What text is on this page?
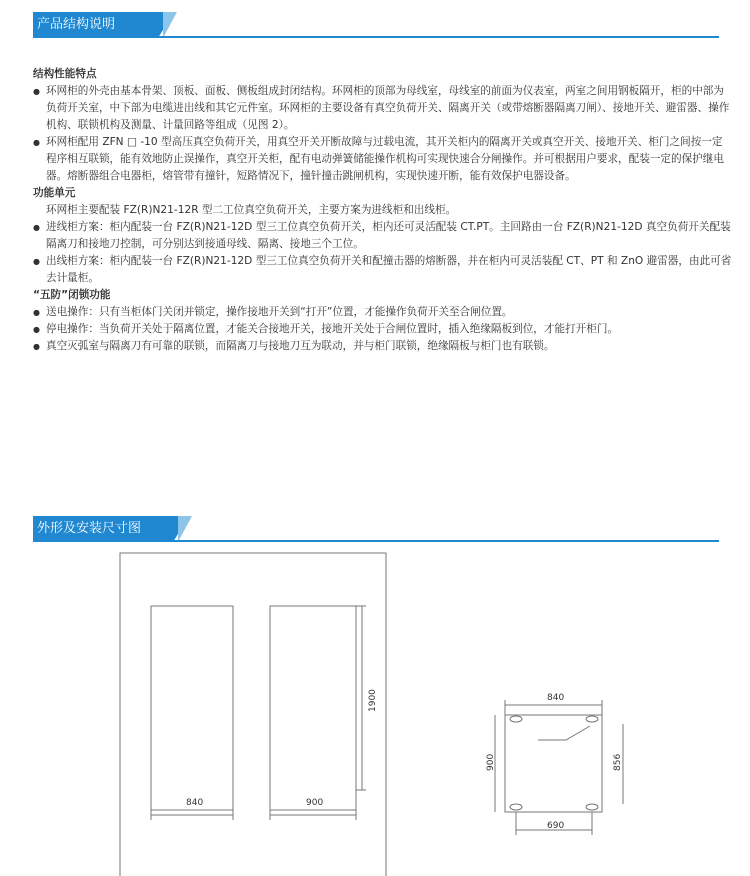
产品结构说明
结构性能特点
● 环网柜的外壳由基本骨架、顶板、面板、侧板组成封闭结构。环网柜的顶部为母线室，母线室的前面为仪表室，两室之间用钢板隔开，柜的中部为负荷开关室，中下部为电缆进出线和其它元件室。环网柜的主要设备有真空负荷开关、隔离开关（或带熔断器隔离刀闸）、接地开关、避雷器、操作机构、联锁机构及测量、计量回路等组成（见图 2）。
● 环网柜配用 ZFN □ -10 型高压真空负荷开关，用真空开关开断故障与过载电流，其开关柜内的隔离开关或真空开关、接地开关、柜门之间按一定程序相互联锁，能有效地防止误操作，真空开关柜，配有电动弹簧储能操作机构可实现快速合分闸操作。并可根据用户要求，配装一定的保护继电器。熔断器组合电器柜，熔管带有撞针，短路情况下，撞针撞击跳闸机构，实现快速开断，能有效保护电器设备。
功能单元
环网柜主要配装 FZ(R)N21-12R 型二工位真空负荷开关，主要方案为进线柜和出线柜。
● 进线柜方案：柜内配装一台 FZ(R)N21-12D 型三工位真空负荷开关，柜内还可灵活配装 CT.PT。主回路由一台 FZ(R)N21-12D 真空负荷开关配装隔离刀和接地刀控制，可分别达到接通母线、隔离、接地三个工位。
● 出线柜方案：柜内配装一台 FZ(R)N21-12D 型三工位真空负荷开关和配撞击器的熔断器，并在柜内可灵活装配 CT、PT 和 ZnO 避雷器，由此可省去计量柜。
“五防”闭锁功能
● 送电操作：只有当柜体门关闭并锁定，操作接地开关到“打开”位置，才能操作负荷开关至合闸位置。
● 停电操作：当负荷开关处于隔离位置，才能关合接地开关，接地开关处于合闸位置时，插入绝缘隔板到位，才能打开柜门。
● 真空灭弧室与隔离刀有可靠的联锁，而隔离刀与接地刀互为联动，并与柜门联锁，绝缘隔板与柜门也有联锁。
外形及安装尺寸图
840	900
1900	840
900	856
690
